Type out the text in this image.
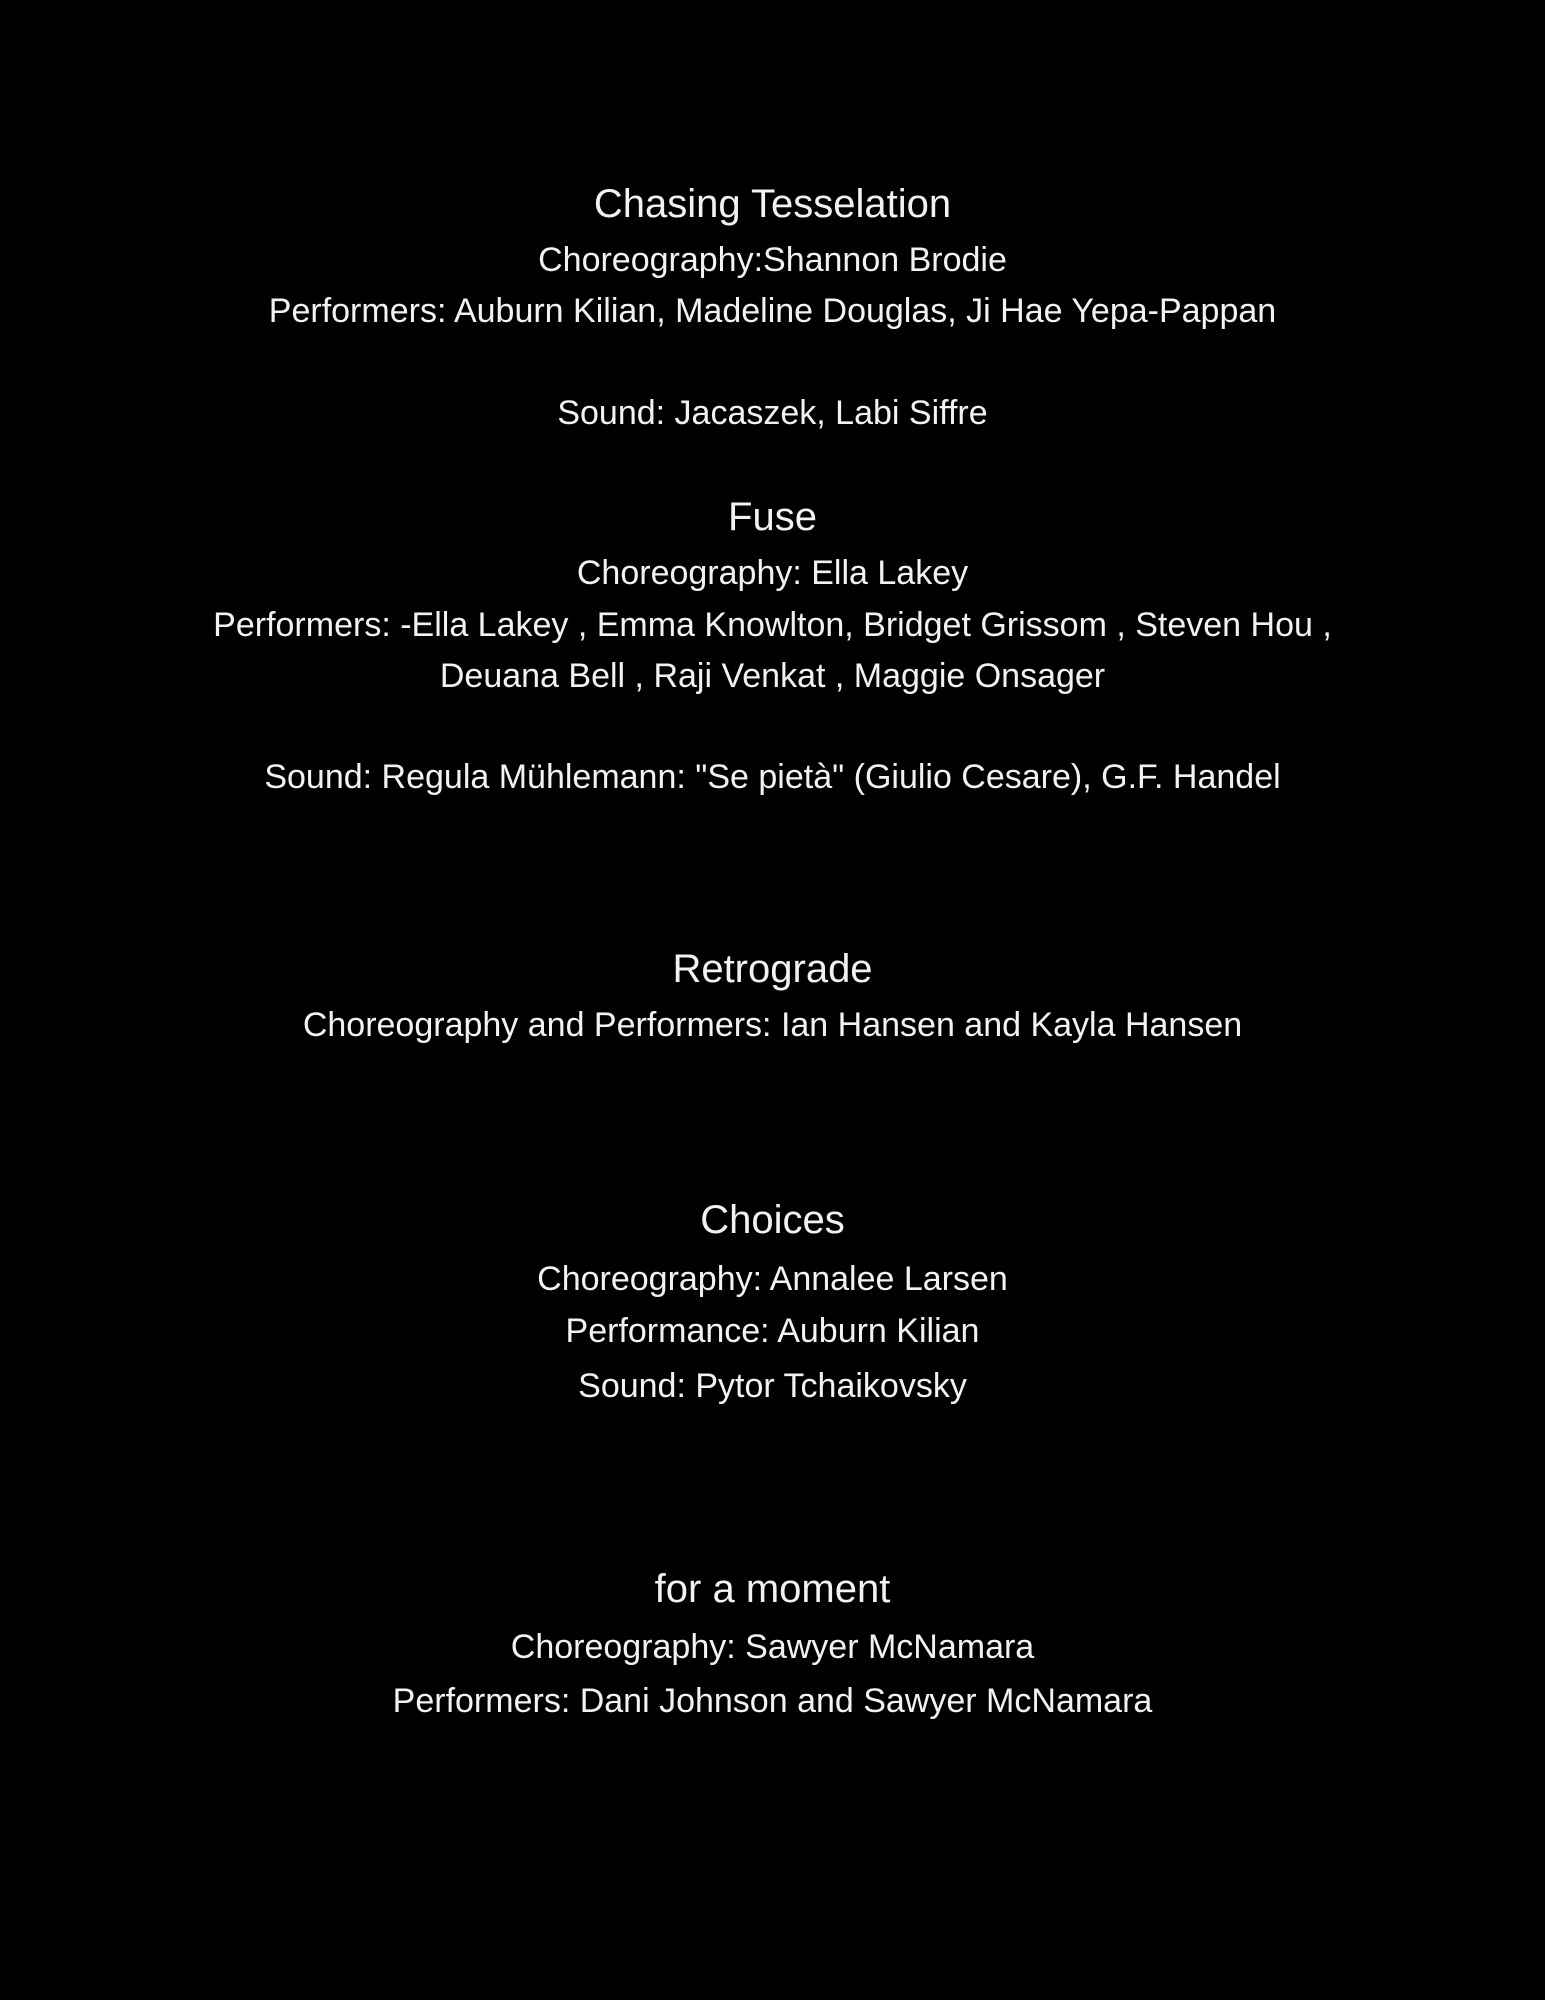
Chasing Tesselation
Choreography:Shannon Brodie
Performers: Auburn Kilian, Madeline Douglas, Ji Hae Yepa-Pappan
Sound: Jacaszek, Labi Siffre
Fuse
Choreography: Ella Lakey
Performers: -Ella Lakey , Emma Knowlton, Bridget Grissom , Steven Hou ,
Deuana Bell , Raji Venkat , Maggie Onsager
Sound: Regula Mühlemann: "Se pietà" (Giulio Cesare), G.F. Handel
Retrograde
Choreography and Performers: Ian Hansen and Kayla Hansen
Choices
Choreography: Annalee Larsen
Performance: Auburn Kilian
Sound: Pytor Tchaikovsky
for a moment
Choreography: Sawyer McNamara
Performers: Dani Johnson and Sawyer McNamara
